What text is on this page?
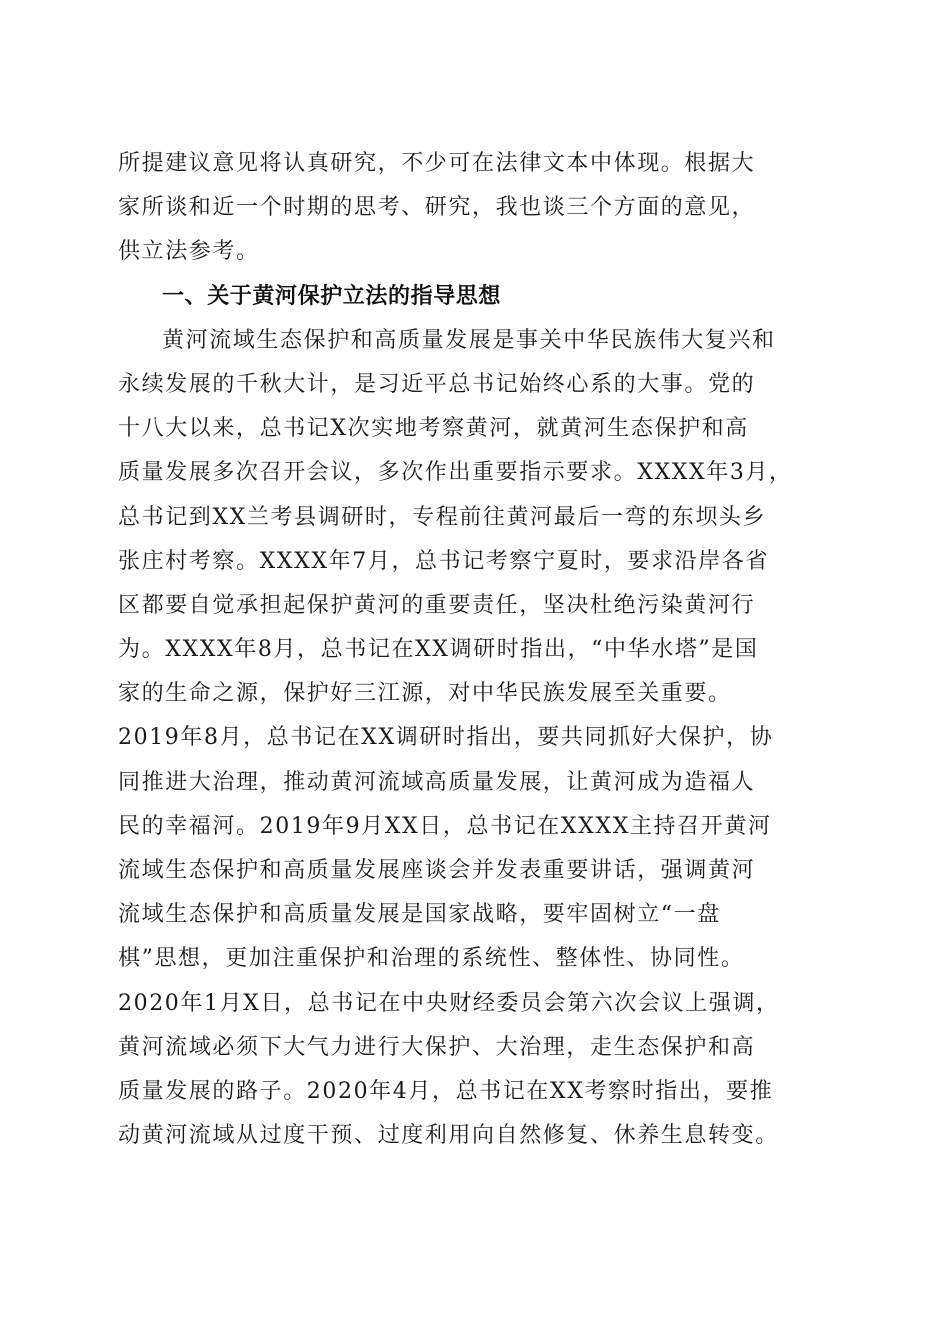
所提建议意见将认真研究，不少可在法律文本中体现。根据大
家所谈和近一个时期的思考、研究，我也谈三个方面的意见，
供立法参考。
一、关于黄河保护立法的指导思想
黄河流域生态保护和高质量发展是事关中华民族伟大复兴和
永续发展的千秋大计，是习近平总书记始终心系的大事。党的
十八大以来，总书记X次实地考察黄河，就黄河生态保护和高
质量发展多次召开会议，多次作出重要指示要求。XXXX年3月，
总书记到XX兰考县调研时，专程前往黄河最后一弯的东坝头乡
张庄村考察。XXXX年7月，总书记考察宁夏时，要求沿岸各省
区都要自觉承担起保护黄河的重要责任，坚决杜绝污染黄河行
为。XXXX年8月，总书记在XX调研时指出，“中华水塔”是国
家的生命之源，保护好三江源，对中华民族发展至关重要。
2019年8月，总书记在XX调研时指出，要共同抓好大保护，协
同推进大治理，推动黄河流域高质量发展，让黄河成为造福人
民的幸福河。2019年9月XX日，总书记在XXXX主持召开黄河
流域生态保护和高质量发展座谈会并发表重要讲话，强调黄河
流域生态保护和高质量发展是国家战略，要牢固树立“一盘
棋”思想，更加注重保护和治理的系统性、整体性、协同性。
2020年1月X日，总书记在中央财经委员会第六次会议上强调，
黄河流域必须下大气力进行大保护、大治理，走生态保护和高
质量发展的路子。2020年4月，总书记在XX考察时指出，要推
动黄河流域从过度干预、过度利用向自然修复、休养生息转变。
